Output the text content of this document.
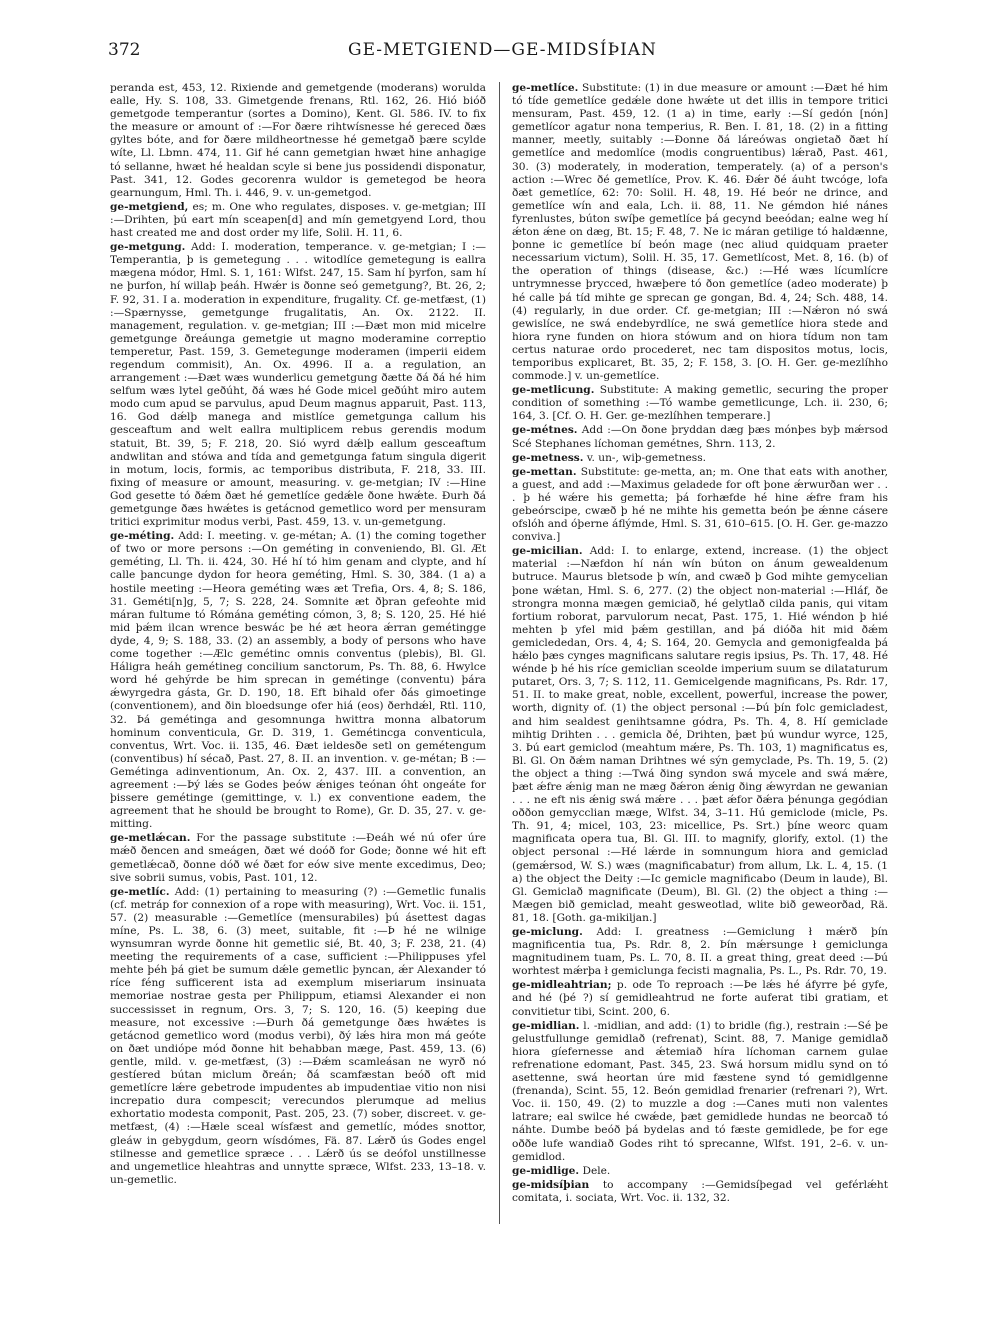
372	GE-METGIEND—GE-MIDSÍÞIAN

peranda est, 453, 12. Rixiende and gemetgende (moderans) worulda ealle, Hy. S. 108, 33. Gimetgende frenans, Rtl. 162, 26. Hió bióð gemetgode temperantur (sortes a Domino), Kent. Gl. 586. IV. to fix the measure or amount of :—For ðære rihtwísnesse hé gereced ðæs gyltes bóte, and for ðære mildheortnesse hé gemetgað þære scylde wíte, Ll. Lbmn. 474, 11. Gif hé cann gemetgian hwæt hine anhagige tó sellanne, hwæt hé healdan scyle si bene jus possidendi disponatur, Past. 341, 12. Godes gecorenra wuldor is gemetegod be heora gearnungum, Hml. Th. i. 446, 9. v. un-gemetgod.

ge-metgiend, es; m. One who regulates, disposes. v. ge-metgian; III :—Drihten, þú eart mín sceapen[d] and mín gemetgyend Lord, thou hast created me and dost order my life, Solil. H. 11, 6.

ge-metgung. Add: I. moderation, temperance. v. ge-metgian; I :—Temperantia, þ is gemetegung . . . witodlíce gemetegung is eallra mægena módor, Hml. S. 1, 161: Wlfst. 247, 15. Sam hí þyrfon, sam hí ne þurfon, hí willaþ þeáh. Hwǽr is ðonne seó gemetgung?, Bt. 26, 2; F. 92, 31. I a. moderation in expenditure, frugality. Cf. ge-metfæst, (1) :—Spærnysse, gemetgunge frugalitatis, An. Ox. 2122. II. management, regulation. v. ge-metgian; III :—Ðæt mon mid micelre gemetgunge ðreáunga gemetgie ut magno moderamine correptio temperetur, Past. 159, 3. Gemetegunge moderamen (imperii eidem regendum commisit), An. Ox. 4996. II a. a regulation, an arrangement :—Ðæt wæs wunderlicu gemetgung ðætte ðá ðá hé him selfum wæs lytel geðúht, ðá wæs hé Gode micel geðúht miro autem modo cum apud se parvulus, apud Deum magnus apparuit, Past. 113, 16. God dǽlþ manega and mistlíce gemetgunga callum his gesceaftum and welt eallra multiplicem rebus gerendis modum statuit, Bt. 39, 5; F. 218, 20. Sió wyrd dǽlþ eallum gesceaftum andwlitan and stówa and tída and gemetgunga fatum singula digerit in motum, locis, formis, ac temporibus distributa, F. 218, 33. III. fixing of measure or amount, measuring. v. ge-metgian; IV :—Hine God gesette tó ðǽm ðæt hé gemetlíce gedǽle ðone hwǽte. Ðurh ðá gemetgunge ðæs hwǽtes is getácnod gemetlico word per mensuram tritici exprimitur modus verbi, Past. 459, 13. v. un-gemetgung.

ge-méting. Add: I. meeting. v. ge-métan; A. (1) the coming together of two or more persons :—On geméting in conveniendo, Bl. Gl. Æt geméting, Ll. Th. ii. 424, 30. Hé hí tó him genam and clypte, and hí calle þancunge dydon for heora geméting, Hml. S. 30, 384. (1 a) a hostile meeting :—Heora geméting wæs æt Trefia, Ors. 4, 8; S. 186, 31. Geméti[n]g, 5, 7; S. 228, 24. Somnite æt ðþran gefeohte mid máran fultume tó Rómána geméting cómon, 3, 8; S. 120, 25. Hé hié mid þǽm ilcan wrence beswác þe hé æt heora ǽrran gemétingge dyde, 4, 9; S. 188, 33. (2) an assembly, a body of persons who have come together :—Ælc gemétinc omnis conventus (plebis), Bl. Gl. Háligra heáh gemétineg concilium sanctorum, Ps. Th. 88, 6. Hwylce word hé gehýrde be him sprecan in gemétinge (conventu) þára ǽwyrgedra gásta, Gr. D. 190, 18. Eft bihald ofer ðás gimoetinge (conventionem), and ðin bloedsunge ofer hiá (eos) ðerhdǽl, Rtl. 110, 32. Þá gemétinga and gesomnunga hwittra monna albatorum hominum conventicula, Gr. D. 319, 1. Gemétincga conventicula, conventus, Wrt. Voc. ii. 135, 46. Ðæt ieldesðe setl on gemétengum (conventibus) hí sécað, Past. 27, 8. II. an invention. v. ge-métan; B :—Gemétinga adinventionum, An. Ox. 2, 437. III. a convention, an agreement :—Þý lǽs se Godes þeów ǽniges teónan óht ongeáte for þissere gemétinge (gemittinge, v. l.) ex conventione eadem, the agreement that he should be brought to Rome), Gr. D. 35, 27. v. ge-mitting.

ge-metlǽcan. For the passage substitute :—Ðeáh wé nú ofer úre mǽð ðencen and smeágen, ðæt wé doóð for Gode; ðonne wé hit eft gemetlǽcað, ðonne dóð wé ðæt for eów sive mente excedimus, Deo; sive sobrii sumus, vobis, Past. 101, 12.

ge-metlíc. Add: (1) pertaining to measuring (?) :—Gemetlic funalis (cf. metráp for connexion of a rope with measuring), Wrt. Voc. ii. 151, 57. (2) measurable :—Gemetlíce (mensurabiles) þú ásettest dagas míne, Ps. L. 38, 6. (3) meet, suitable, fit :—Þ hé ne wilnige wynsumran wyrde ðonne hit gemetlic sié, Bt. 40, 3; F. 238, 21. (4) meeting the requirements of a case, sufficient :—Philippuses yfel mehte þéh þá giet be sumum dǽle gemetlic þyncan, ǽr Alexander tó ríce féng sufficerent ista ad exemplum miseriarum insinuata memoriae nostrae gesta per Philippum, etiamsi Alexander ei non successisset in regnum, Ors. 3, 7; S. 120, 16. (5) keeping due measure, not excessive :—Ðurh ðá gemetgunge ðæs hwǽtes is getácnod gemetlico word (modus verbi), ðý lǽs hira mon má geóte on ðæt undiópe mód ðonne hit behabban mæge, Past. 459, 13. (6) gentle, mild. v. ge-metfæst, (3) :—Ðǽm scamleásan ne wyrð nó gestíered bútan miclum ðreán; ðá scamfæstan beóð oft mid gemetlícre lǽre gebetrode impudentes ab impudentiae vitio non nisi increpatio dura compescit; verecundos plerumque ad melius exhortatio modesta componit, Past. 205, 23. (7) sober, discreet. v. ge-metfæst, (4) :—Hæle sceal wísfæst and gemetlíc, módes snottor, gleáw in gebygdum, georn wísdómes, Fä. 87. Lǽrð ús Godes engel stilnesse and gemetlice spræce . . . Lǽrð ús se deófol unstillnesse and ungemetlice hleahtras and unnytte spræce, Wlfst. 233, 13–18. v. un-gemetlic.

ge-metlíce. Substitute: (1) in due measure or amount :—Ðæt hé him tó tíde gemetlíce gedǽle done hwǽte ut det illis in tempore tritici mensuram, Past. 459, 12. (1 a) in time, early :—Sí gedón [nón] gemetlícor agatur nona temperius, R. Ben. I. 81, 18. (2) in a fitting manner, meetly, suitably :—Ðonne ðá láreówas ongietað ðæt hí gemetlíce and medomlíce (modis congruentibus) lǽrað, Past. 461, 30. (3) moderately, in moderation, temperately. (a) of a person's action :—Wrec ðé gemetlíce, Prov. K. 46. Ðǽr ðé áuht twcóge, lofa ðæt gemetlíce, 62: 70: Solil. H. 48, 19. Hé beór ne drince, and gemetlíce wín and eala, Lch. ii. 88, 11. Ne gémdon hié nánes fyrenlustes, búton swíþe gemetlíce þá gecynd beeódan; ealne weg hí ǽton ǽne on dæg, Bt. 15; F. 48, 7. Ne ic máran getilige tó haldænne, þonne ic gemetlíce bí beón mage (nec aliud quidquam praeter necessarium victum), Solil. H. 35, 17. Gemetlícost, Met. 8, 16. (b) of the operation of things (disease, &c.) :—Hé wæs lícumlícre untrymnesse þrycced, hwæþere tó ðon gemetlíce (adeo moderate) þ hé calle þá tíd mihte ge sprecan ge gongan, Bd. 4, 24; Sch. 488, 14. (4) regularly, in due order. Cf. ge-metgian; III :—Nǽron nó swá gewislíce, ne swá endebyrdlíce, ne swá gemetlíce hiora stede and hiora ryne funden on hiora stówum and on hiora tídum non tam certus naturae ordo procederet, nec tam dispositos motus, locis, temporibus explicaret, Bt. 35, 2; F. 158, 3. [O. H. Ger. ge-mezlíhho commode.] v. un-gemetlíce.

ge-metlicung. Substitute: A making gemetlic, securing the proper condition of something :—Tó wambe gemetlicunge, Lch. ii. 230, 6; 164, 3. [Cf. O. H. Ger. ge-mezlíhhen temperare.]

ge-métnes. Add :—On ðone þryddan dæg þæs mónþes byþ mǽrsod Scé Stephanes líchoman gemétnes, Shrn. 113, 2.

ge-metness. v. un-, wiþ-gemetness.

ge-mettan. Substitute: ge-metta, an; m. One that eats with another, a guest, and add :—Maximus geladede for oft þone ǽrwurðan wer . . . þ hé wǽre his gemetta; þá forhæfde hé hine ǽfre fram his gebeórscipe, cwæð þ hé ne mihte his gemetta beón þe ǽnne cásere ofslóh and óþerne áflýmde, Hml. S. 31, 610–615. [O. H. Ger. ge-mazzo conviva.]

ge-micilian. Add: I. to enlarge, extend, increase. (1) the object material :—Næfdon hí nán wín búton on ánum gewealdenum butruce. Maurus bletsode þ wín, and cwæð þ God mihte gemycelian þone wǽtan, Hml. S. 6, 277. (2) the object non-material :—Hláf, ðe strongra monna mægen gemiciað, hé gelytlað cilda panis, qui vitam fortium roborat, parvulorum necat, Past. 175, 1. Hié wéndon þ hié mehten þ yfel mid þǽm gestillan, and þá dióða hit mid ðǽm gemiclededan, Ors. 4, 4; S. 164, 20. Gemycla and gemonigfealda þá hǽlo þæs cynges magnificans salutare regis ipsius, Ps. Th. 17, 48. Hé wénde þ hé his ríce gemiclian sceolde imperium suum se dilataturum putaret, Ors. 3, 7; S. 112, 11. Gemicelgende magnificans, Ps. Rdr. 17, 51. II. to make great, noble, excellent, powerful, increase the power, worth, dignity of. (1) the object personal :—Þú þín folc gemicladest, and him sealdest genihtsamne gódra, Ps. Th. 4, 8. Hí gemiclade mihtig Drihten . . . gemicla ðé, Drihten, þæt þú wundur wyrce, 125, 3. Þú eart gemiclod (meahtum mǽre, Ps. Th. 103, 1) magnificatus es, Bl. Gl. On ðǽm naman Drihtnes wé sýn gemyclade, Ps. Th. 19, 5. (2) the object a thing :—Twá ðing syndon swá mycele and swá mǽre, þæt ǽfre ǽnig man ne mæg ðǽron ǽnig ðing ǽwyrdan ne gewanian . . . ne eft nis ǽnig swá mǽre . . . þæt ǽfor ðǽra þénunga gegódian oððon gemycclian mæge, Wlfst. 34, 3–11. Hú gemiclode (micle, Ps. Th. 91, 4; micel, 103, 23: micellice, Ps. Srt.) þíne weorc quam magnificata opera tua, Bl. Gl. III. to magnify, glorify, extol. (1) the object personal :—Hé lǽrde in somnungum hiora and gemiclad (gemǽrsod, W. S.) wæs (magnificabatur) from allum, Lk. L. 4, 15. (1 a) the object the Deity :—Ic gemicle magnificabo (Deum in laude), Bl. Gl. Gemiclað magnificate (Deum), Bl. Gl. (2) the object a thing :—Mægen bið gemiclad, meaht gesweotlad, wlite bið geweorðad, Rä. 81, 18. [Goth. ga-mikiljan.]

ge-miclung. Add: I. greatness :—Gemiclung ł mǽrð þín magnificentia tua, Ps. Rdr. 8, 2. Þín mǽrsunge ł gemiclunga magnitudinem tuam, Ps. L. 70, 8. II. a great thing, great deed :—Þú worhtest mǽrþa ł gemiclunga fecisti magnalia, Ps. L., Ps. Rdr. 70, 19.

ge-midleahtrian; p. ode To reproach :—Þe lǽs hé áfyrre þé gyfe, and hé (þé ?) sí gemidleahtrud ne forte auferat tibi gratiam, et convitietur tibi, Scint. 200, 6.

ge-midlian. l. -midlian, and add: (1) to bridle (fig.), restrain :—Sé þe gelustfullunge gemidlað (refrenat), Scint. 88, 7. Manige gemidlað hiora gíefernesse and ǽtemiað híra líchoman carnem gulae refrenatione edomant, Past. 345, 23. Swá horsum midlu synd on tó asettenne, swá heortan úre mid fæstene synd tó gemidlgenne (frenanda), Scint. 55, 12. Beón gemidlad frenarier (refrenari ?), Wrt. Voc. ii. 150, 49. (2) to muzzle a dog :—Canes muti non valentes latrare; eal swilce hé cwǽde, þæt gemidlede hundas ne beorcað tó náhte. Dumbe beóð þá bydelas and tó fæste gemidlede, þe for ege oððe lufe wandiað Godes riht tó sprecanne, Wlfst. 191, 2–6. v. un-gemidlod.

ge-midlige. Dele.

ge-midsíþian to accompany :—Gemidsíþegad vel geférlǽht comitata, i. sociata, Wrt. Voc. ii. 132, 32.
